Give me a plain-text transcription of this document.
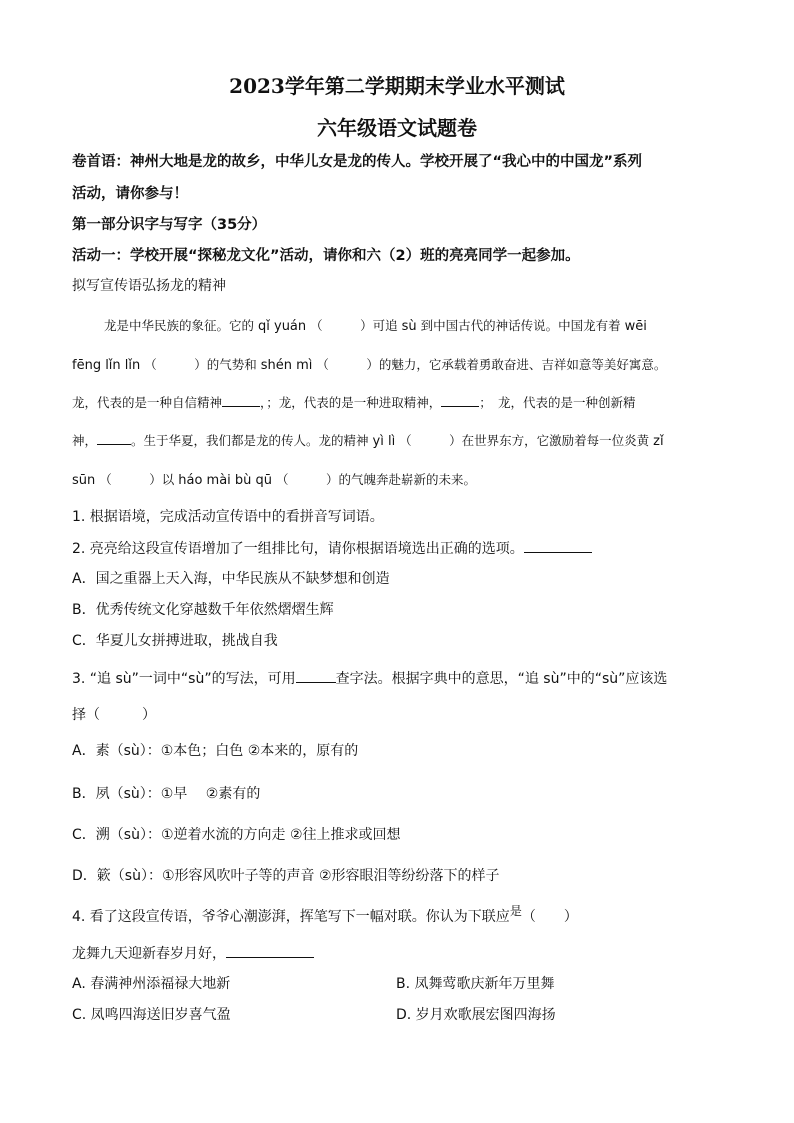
2023学年第二学期期末学业水平测试
六年级语文试题卷
卷首语：神州大地是龙的故乡，中华儿女是龙的传人。学校开展了“我心中的中国龙”系列
活动，请你参与！
第一部分识字与写字（35分）
活动一：学校开展“探秘龙文化”活动，请你和六（2）班的亮亮同学一起参加。
拟写宣传语弘扬龙的精神
龙是中华民族的象征。它的 qǐ yuán （　　　）可追 sù 到中国古代的神话传说。中国龙有着 wēi
fēng lǐn lǐn （　　　）的气势和 shén mì （　　　）的魅力，它承载着勇敢奋进、吉祥如意等美好寓意。
龙，代表的是一种自信精神	，；龙，代表的是一种进取精神，	；　龙，代表的是一种创新精
神，	。生于华夏，我们都是龙的传人。龙的精神 yì lì （　　　）在世界东方，它激励着每一位炎黄 zǐ
sūn （　　　）以 háo mài bù qū （　　　）的气魄奔赴崭新的未来。
1. 根据语境，完成活动宣传语中的看拼音写词语。
2. 亮亮给这段宣传语增加了一组排比句，请你根据语境选出正确的选项。
A．国之重器上天入海，中华民族从不缺梦想和创造
B．优秀传统文化穿越数千年依然熠熠生辉
C．华夏儿女拼搏进取，挑战自我
3. “追 sù”一词中“sù”的写法，可用	查字法。根据字典中的意思，“追 sù”中的“sù”应该选
择（　　　）
A．素（sù）：①本色；白色 ②本来的，原有的
B．夙（sù）：①早　 ②素有的
C．溯（sù）：①逆着水流的方向走 ②往上推求或回想
D．簌（sù）：①形容风吹叶子等的声音 ②形容眼泪等纷纷落下的样子
4. 看了这段宣传语，爷爷心潮澎湃，挥笔写下一幅对联。你认为下联应是（　　）
龙舞九天迎新春岁月好，
A. 春满神州添福禄大地新	B. 凤舞莺歌庆新年万里舞
C. 凤鸣四海送旧岁喜气盈	D. 岁月欢歌展宏图四海扬
